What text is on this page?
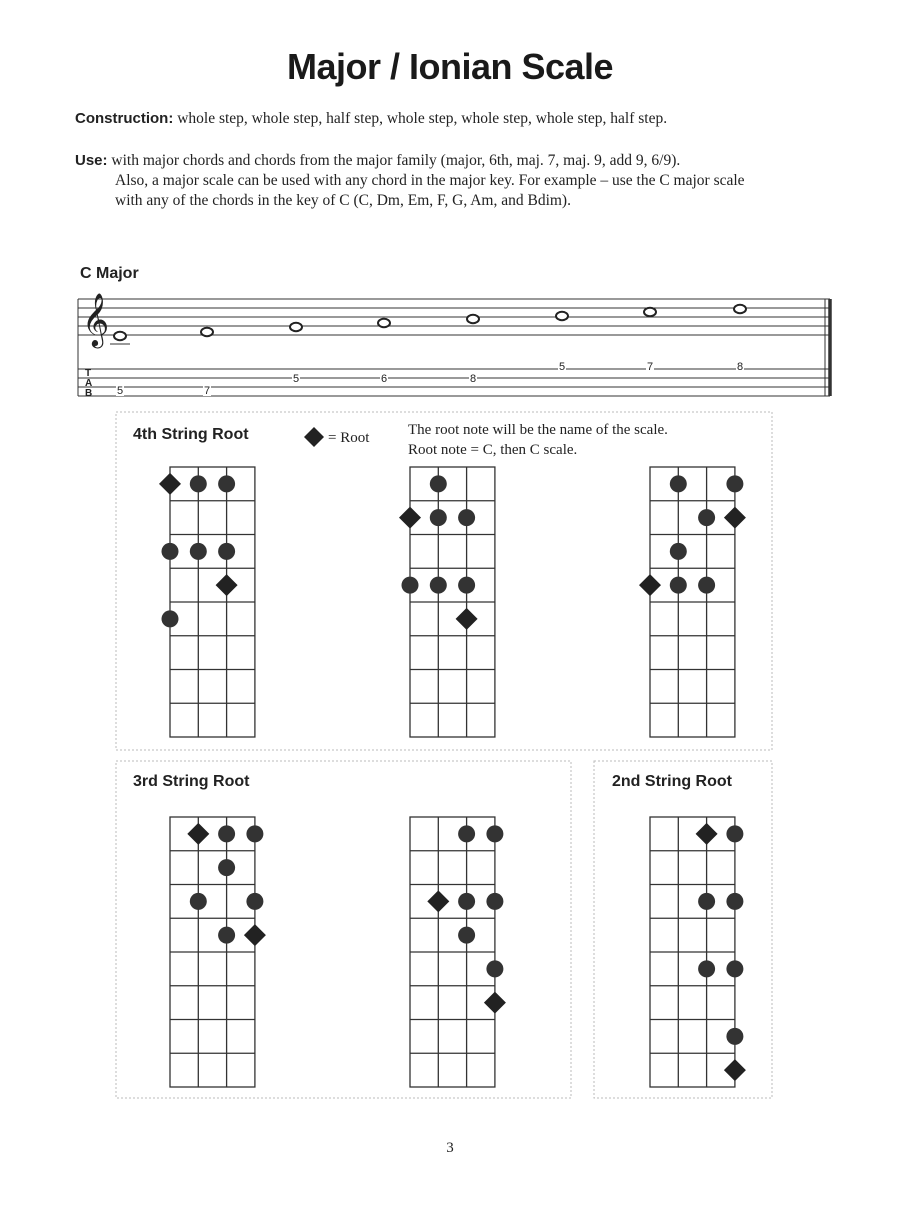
Major / Ionian Scale
Construction: whole step, whole step, half step, whole step, whole step, whole step, half step.
Use: with major chords and chords from the major family (major, 6th, maj. 7, maj. 9, add 9, 6/9).
Also, a major scale can be used with any chord in the major key. For example – use the C major scale
with any of the chords in the key of C (C, Dm, Em, F, G, Am, and Bdim).
C Major
𝄞
T
A
B 5	7
5	6	8
5	7	8
4th String Root
3rd String Root	2nd String Root
= Root	The root note will be the name of the scale.
Root note = C, then C scale.
3
